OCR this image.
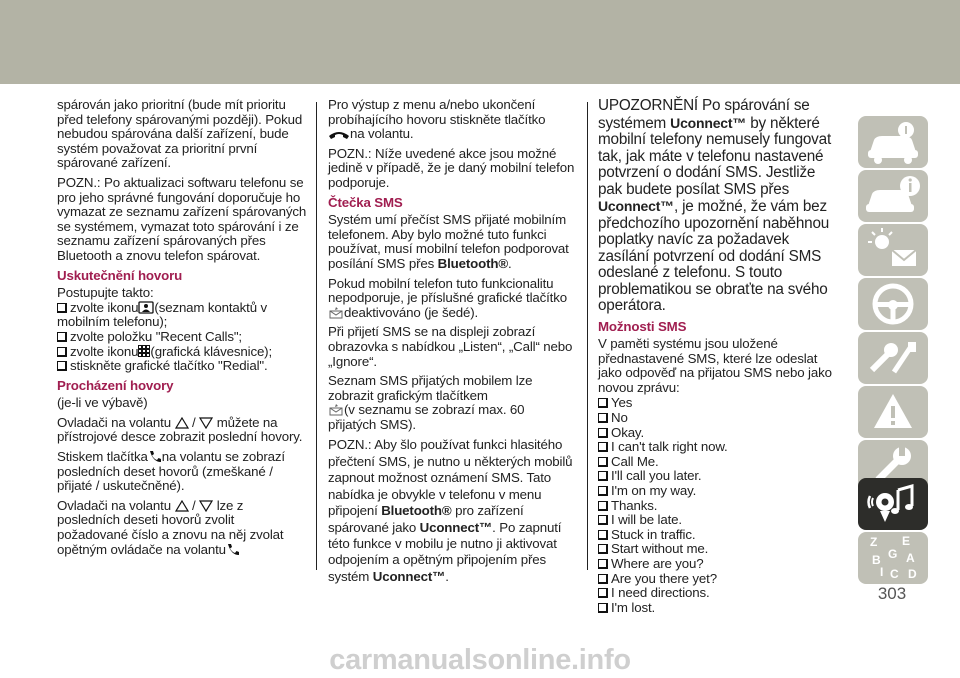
spárován jako prioritní (bude mít prioritu před telefony spárovanými později). Pokud nebudou spárována další zařízení, bude systém považovat za prioritní první spárované zařízení.

POZN.: Po aktualizaci softwaru telefonu se pro jeho správné fungování doporučuje ho vymazat ze seznamu zařízení spárovaných se systémem, vymazat toto spárování i ze seznamu zařízení spárovaných přes Bluetooth a znovu telefon spárovat.

Uskutečnění hovoru
Postupujte takto:
zvolte ikonu (seznam kontaktů v mobilním telefonu);
zvolte položku "Recent Calls";
zvolte ikonu (grafická klávesnice);
stiskněte grafické tlačítko "Redial".
Procházení hovory

(je-li ve výbavě)

Ovladači na volantu / můžete na přístrojové desce zobrazit poslední hovory.

Stiskem tlačítka na volantu se zobrazí posledních deset hovorů (zmeškané / přijaté / uskutečněné).

Ovladači na volantu / lze z posledních deseti hovorů zvolit požadované číslo a znovu na něj zvolat opětným ovládače na volantu

Pro výstup z menu a/nebo ukončení probíhajícího hovoru stiskněte tlačítko
na volantu.

POZN.: Níže uvedené akce jsou možné jedině v případě, že je daný mobilní telefon podporuje.

Čtečka SMS

Systém umí přečíst SMS přijaté mobilním telefonem. Aby bylo možné tuto funkci používat, musí mobilní telefon podporovat posílání SMS přes Bluetooth®.

Pokud mobilní telefon tuto funkcionalitu nepodporuje, je příslušné grafické tlačítkodeaktivováno (je šedé).

Při přijetí SMS se na displeji zobrazí obrazovka s nabídkou „Listen“, „Call“ nebo „Ignore“.

Seznam SMS přijatých mobilem lze zobrazit grafickým tlačítkem
(v seznamu se zobrazí max. 60 přijatých SMS).

POZN.: Aby šlo používat funkci hlasitého přečtení SMS, je nutno u některých mobilů zapnout možnost oznámení SMS. Tato nabídka je obvykle v telefonu v menu připojení Bluetooth® pro zařízení spárované jako Uconnect™. Po zapnutí této funkce v mobilu je nutno ji aktivovat odpojením a opětným připojením přes systém Uconnect™.

UPOZORNĚNÍ Po spárování se systémem Uconnect™ by některé mobilní telefony nemusely fungovat tak, jak máte v telefonu nastavené potvrzení o dodání SMS. Jestliže pak budete posílat SMS přes Uconnect™, je možné, že vám bez předchozího upozornění naběhnou poplatky navíc za požadavek zasílání potvrzení od dodání SMS odeslané z telefonu. S touto problematikou se obraťte na svého operátora.

Možnosti SMS

V paměti systému jsou uložené přednastavené SMS, které lze odeslat jako odpověď na přijatou SMS nebo jako novou zprávu:

Yes
No
Okay.
I can't talk right now.
Call Me.
I'll call you later.
I'm on my way.
Thanks.
I will be late.
Stuck in traffic.
Start without me.
Where are you?
Are you there yet?
I need directions.
I'm lost.
Z E
B G A
I C D
303
carmanualsonline.info
